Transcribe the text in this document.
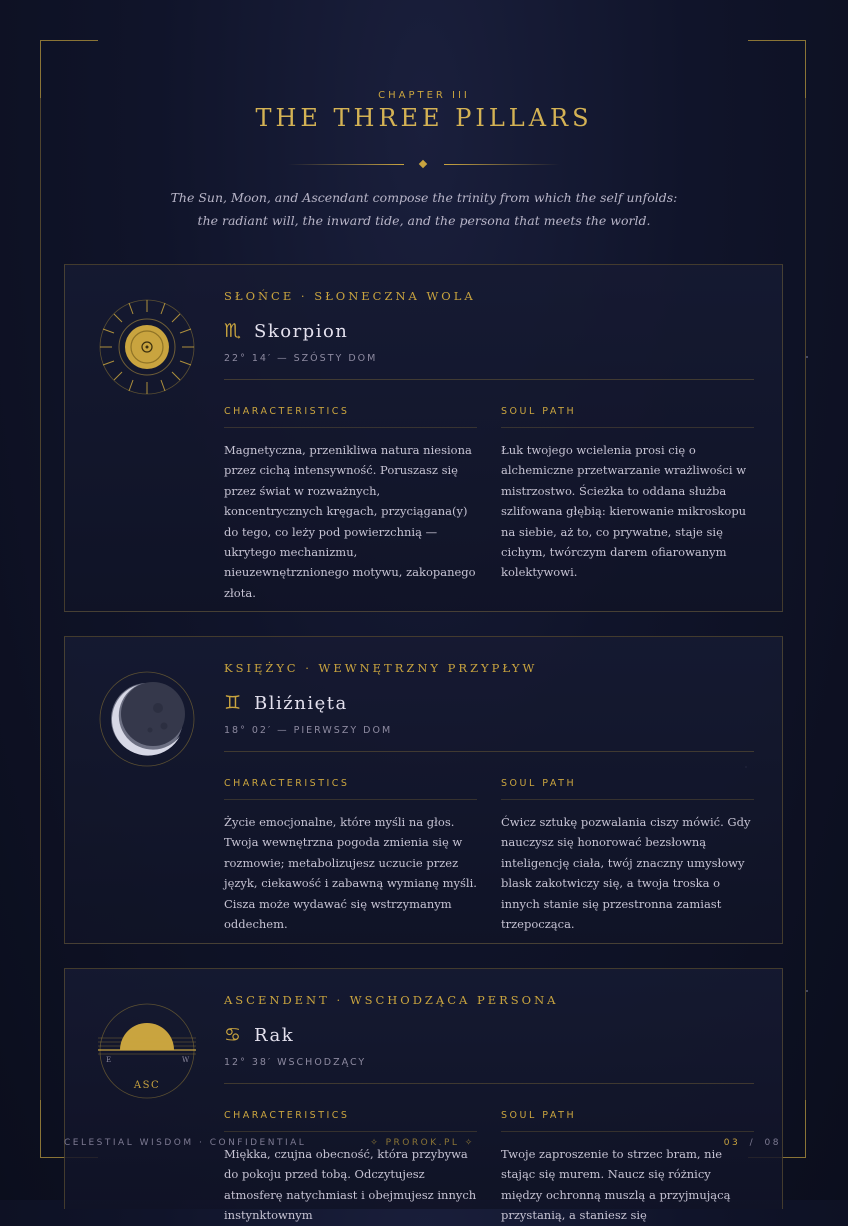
CHAPTER III
THE THREE PILLARS
The Sun, Moon, and Ascendant compose the trinity from which the self unfolds: the radiant will, the inward tide, and the persona that meets the world.
SŁOŃCE · SŁONECZNA WOLA
♏ Skorpion
22° 14′ — SZÓSTY DOM
CHARACTERISTICS
Magnetyczna, przenikliwa natura niesiona przez cichą intensywność. Poruszasz się przez świat w rozważnych, koncentrycznych kręgach, przyciągana(y) do tego, co leży pod powierzchnią — ukrytego mechanizmu, nieuzewnętrznionego motywu, zakopanego złota.
SOUL PATH
Łuk twojego wcielenia prosi cię o alchemiczne przetwarzanie wrażliwości w mistrzostwo. Ścieżka to oddana służba szlifowana głębią: kierowanie mikroskopu na siebie, aż to, co prywatne, staje się cichym, twórczym darem ofiarowanym kolektywowi.
KSIĘŻYC · WEWNĘTRZNY PRZYPŁYW
♊ Bliźnięta
18° 02′ — PIERWSZY DOM
CHARACTERISTICS
Życie emocjonalne, które myśli na głos. Twoja wewnętrzna pogoda zmienia się w rozmowie; metabolizujesz uczucie przez język, ciekawość i zabawną wymianę myśli. Cisza może wydawać się wstrzymanym oddechem.
SOUL PATH
Ćwicz sztukę pozwalania ciszy mówić. Gdy nauczysz się honorować bezsłowną inteligencję ciała, twój znaczny umysłowy blask zakotwiczy się, a twoja troska o innych stanie się przestronna zamiast trzepocząca.
E	W
ASC
ASCENDENT · WSCHODZĄCA PERSONA
♋ Rak
12° 38′ WSCHODZĄCY
CHARACTERISTICS
Miękka, czujna obecność, która przybywa do pokoju przed tobą. Odczytujesz atmosferę natychmiast i obejmujesz innych instynktownym
SOUL PATH
Twoje zaproszenie to strzec bram, nie stając się murem. Naucz się różnicy między ochronną muszlą a przyjmującą przystanią, a staniesz się
CELESTIAL WISDOM · CONFIDENTIAL	✧ PROROK.PL ✧	03 / 08
